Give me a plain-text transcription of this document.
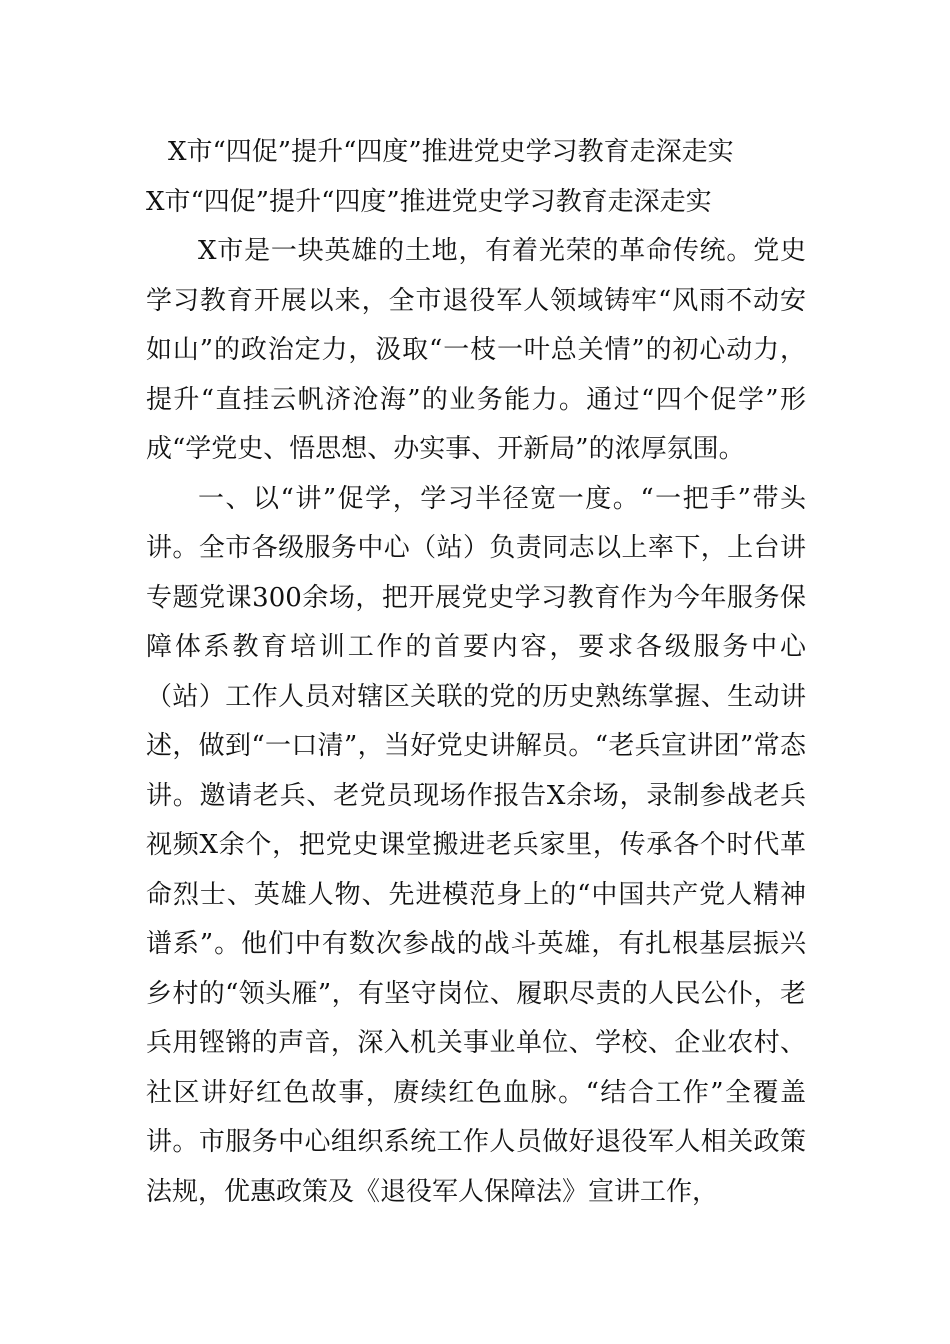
X市“四促”提升“四度”推进党史学习教育走深走实
X市“四促”提升“四度”推进党史学习教育走深走实

X市是一块英雄的土地，有着光荣的革命传统。党史学习教育开展以来，全市退役军人领域铸牢“风雨不动安如山”的政治定力，汲取“一枝一叶总关情”的初心动力，提升“直挂云帆济沧海”的业务能力。通过“四个促学”形成“学党史、悟思想、办实事、开新局”的浓厚氛围。

一、以“讲”促学，学习半径宽一度。“一把手”带头讲。全市各级服务中心（站）负责同志以上率下，上台讲专题党课300余场，把开展党史学习教育作为今年服务保障体系教育培训工作的首要内容，要求各级服务中心（站）工作人员对辖区关联的党的历史熟练掌握、生动讲述，做到“一口清”，当好党史讲解员。“老兵宣讲团”常态讲。邀请老兵、老党员现场作报告X余场，录制参战老兵视频X余个，把党史课堂搬进老兵家里，传承各个时代革命烈士、英雄人物、先进模范身上的“中国共产党人精神谱系”。他们中有数次参战的战斗英雄，有扎根基层振兴乡村的“领头雁”，有坚守岗位、履职尽责的人民公仆，老兵用铿锵的声音，深入机关事业单位、学校、企业农村、社区讲好红色故事，赓续红色血脉。“结合工作”全覆盖讲。市服务中心组织系统工作人员做好退役军人相关政策法规，优惠政策及《退役军人保障法》宣讲工作，
